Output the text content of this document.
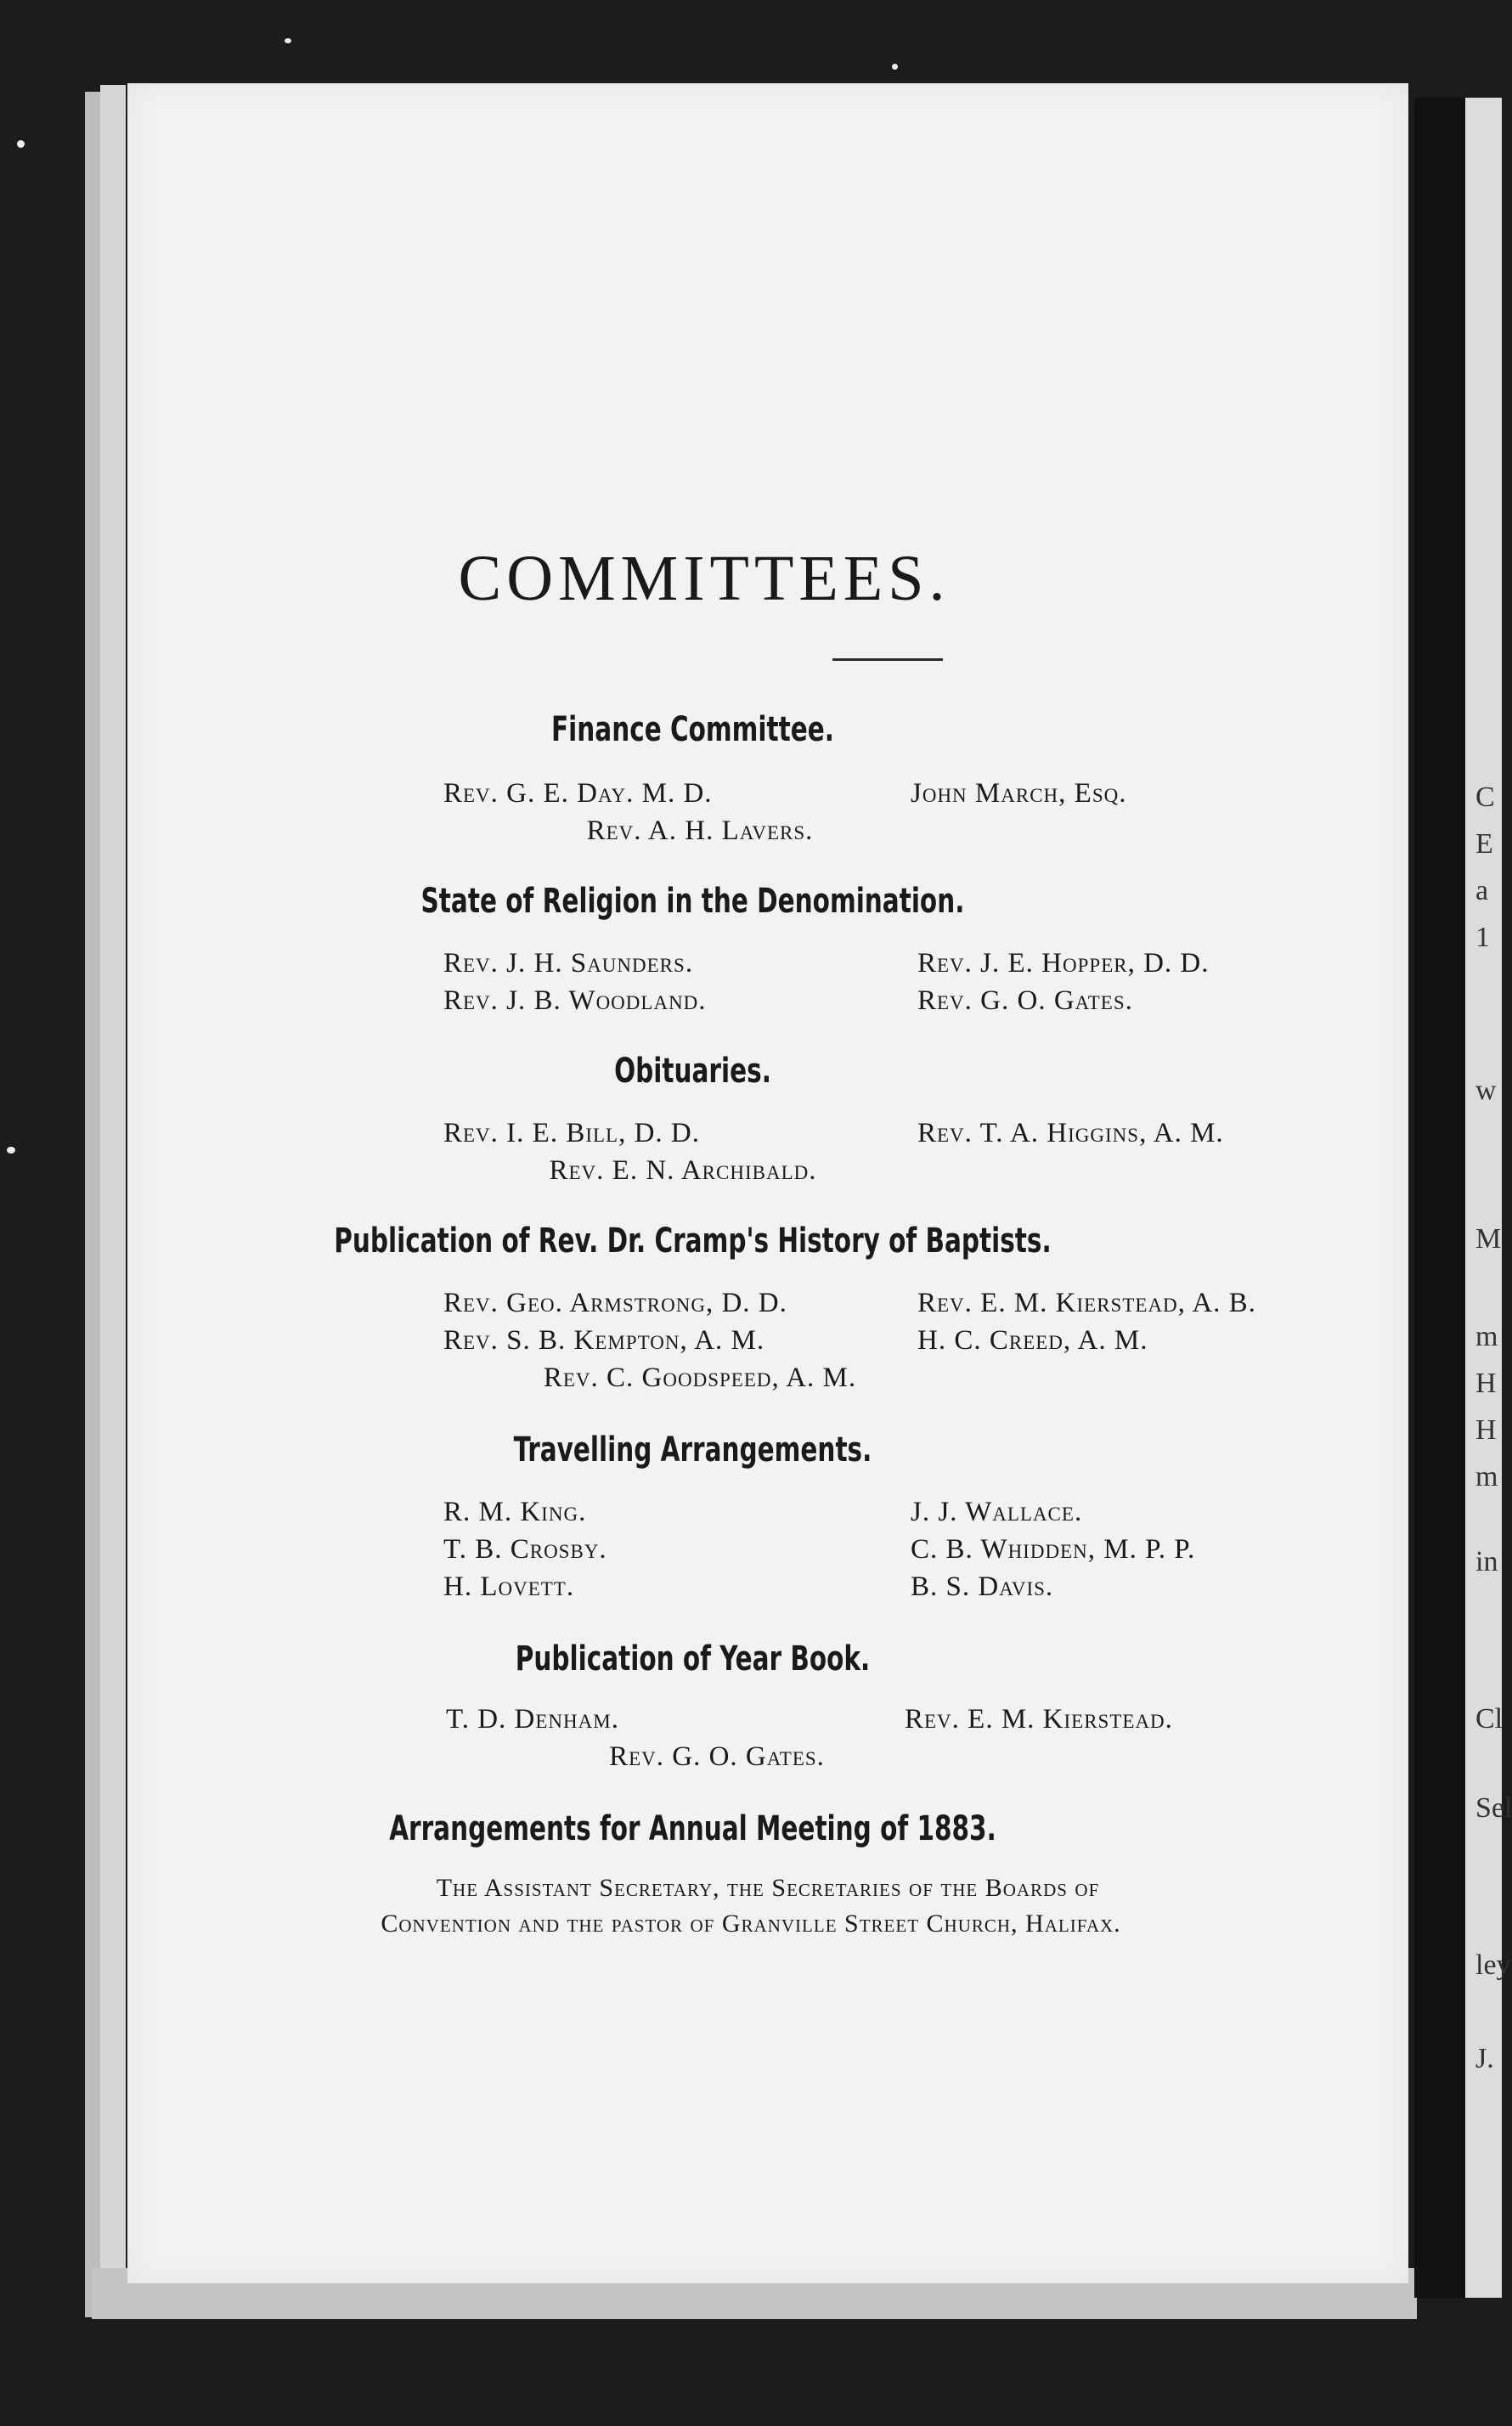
C
E
a
1
w
M
m
H
H
m
in
Cl
Sel
ley
J.
COMMITTEES.
Finance Committee.
Rev. G. E. Day. M. D.	John March, Esq.
Rev. A. H. Lavers.
State of Religion in the Denomination.
Rev. J. H. Saunders.	Rev. J. E. Hopper, D. D.
Rev. J. B. Woodland.	Rev. G. O. Gates.
Obituaries.
Rev. I. E. Bill, D. D.	Rev. T. A. Higgins, A. M.
Rev. E. N. Archibald.
Publication of Rev. Dr. Cramp's History of Baptists.
Rev. Geo. Armstrong, D. D.	Rev. E. M. Kierstead, A. B.
Rev. S. B. Kempton, A. M.	H. C. Creed, A. M.
Rev. C. Goodspeed, A. M.
Travelling Arrangements.
R. M. King.	J. J. Wallace.
T. B. Crosby.	C. B. Whidden, M. P. P.
H. Lovett.	B. S. Davis.
Publication of Year Book.
T. D. Denham.	Rev. E. M. Kierstead.
Rev. G. O. Gates.
Arrangements for Annual Meeting of 1883.
The Assistant Secretary, the Secretaries of the Boards of
Convention and the pastor of Granville Street Church, Halifax.
